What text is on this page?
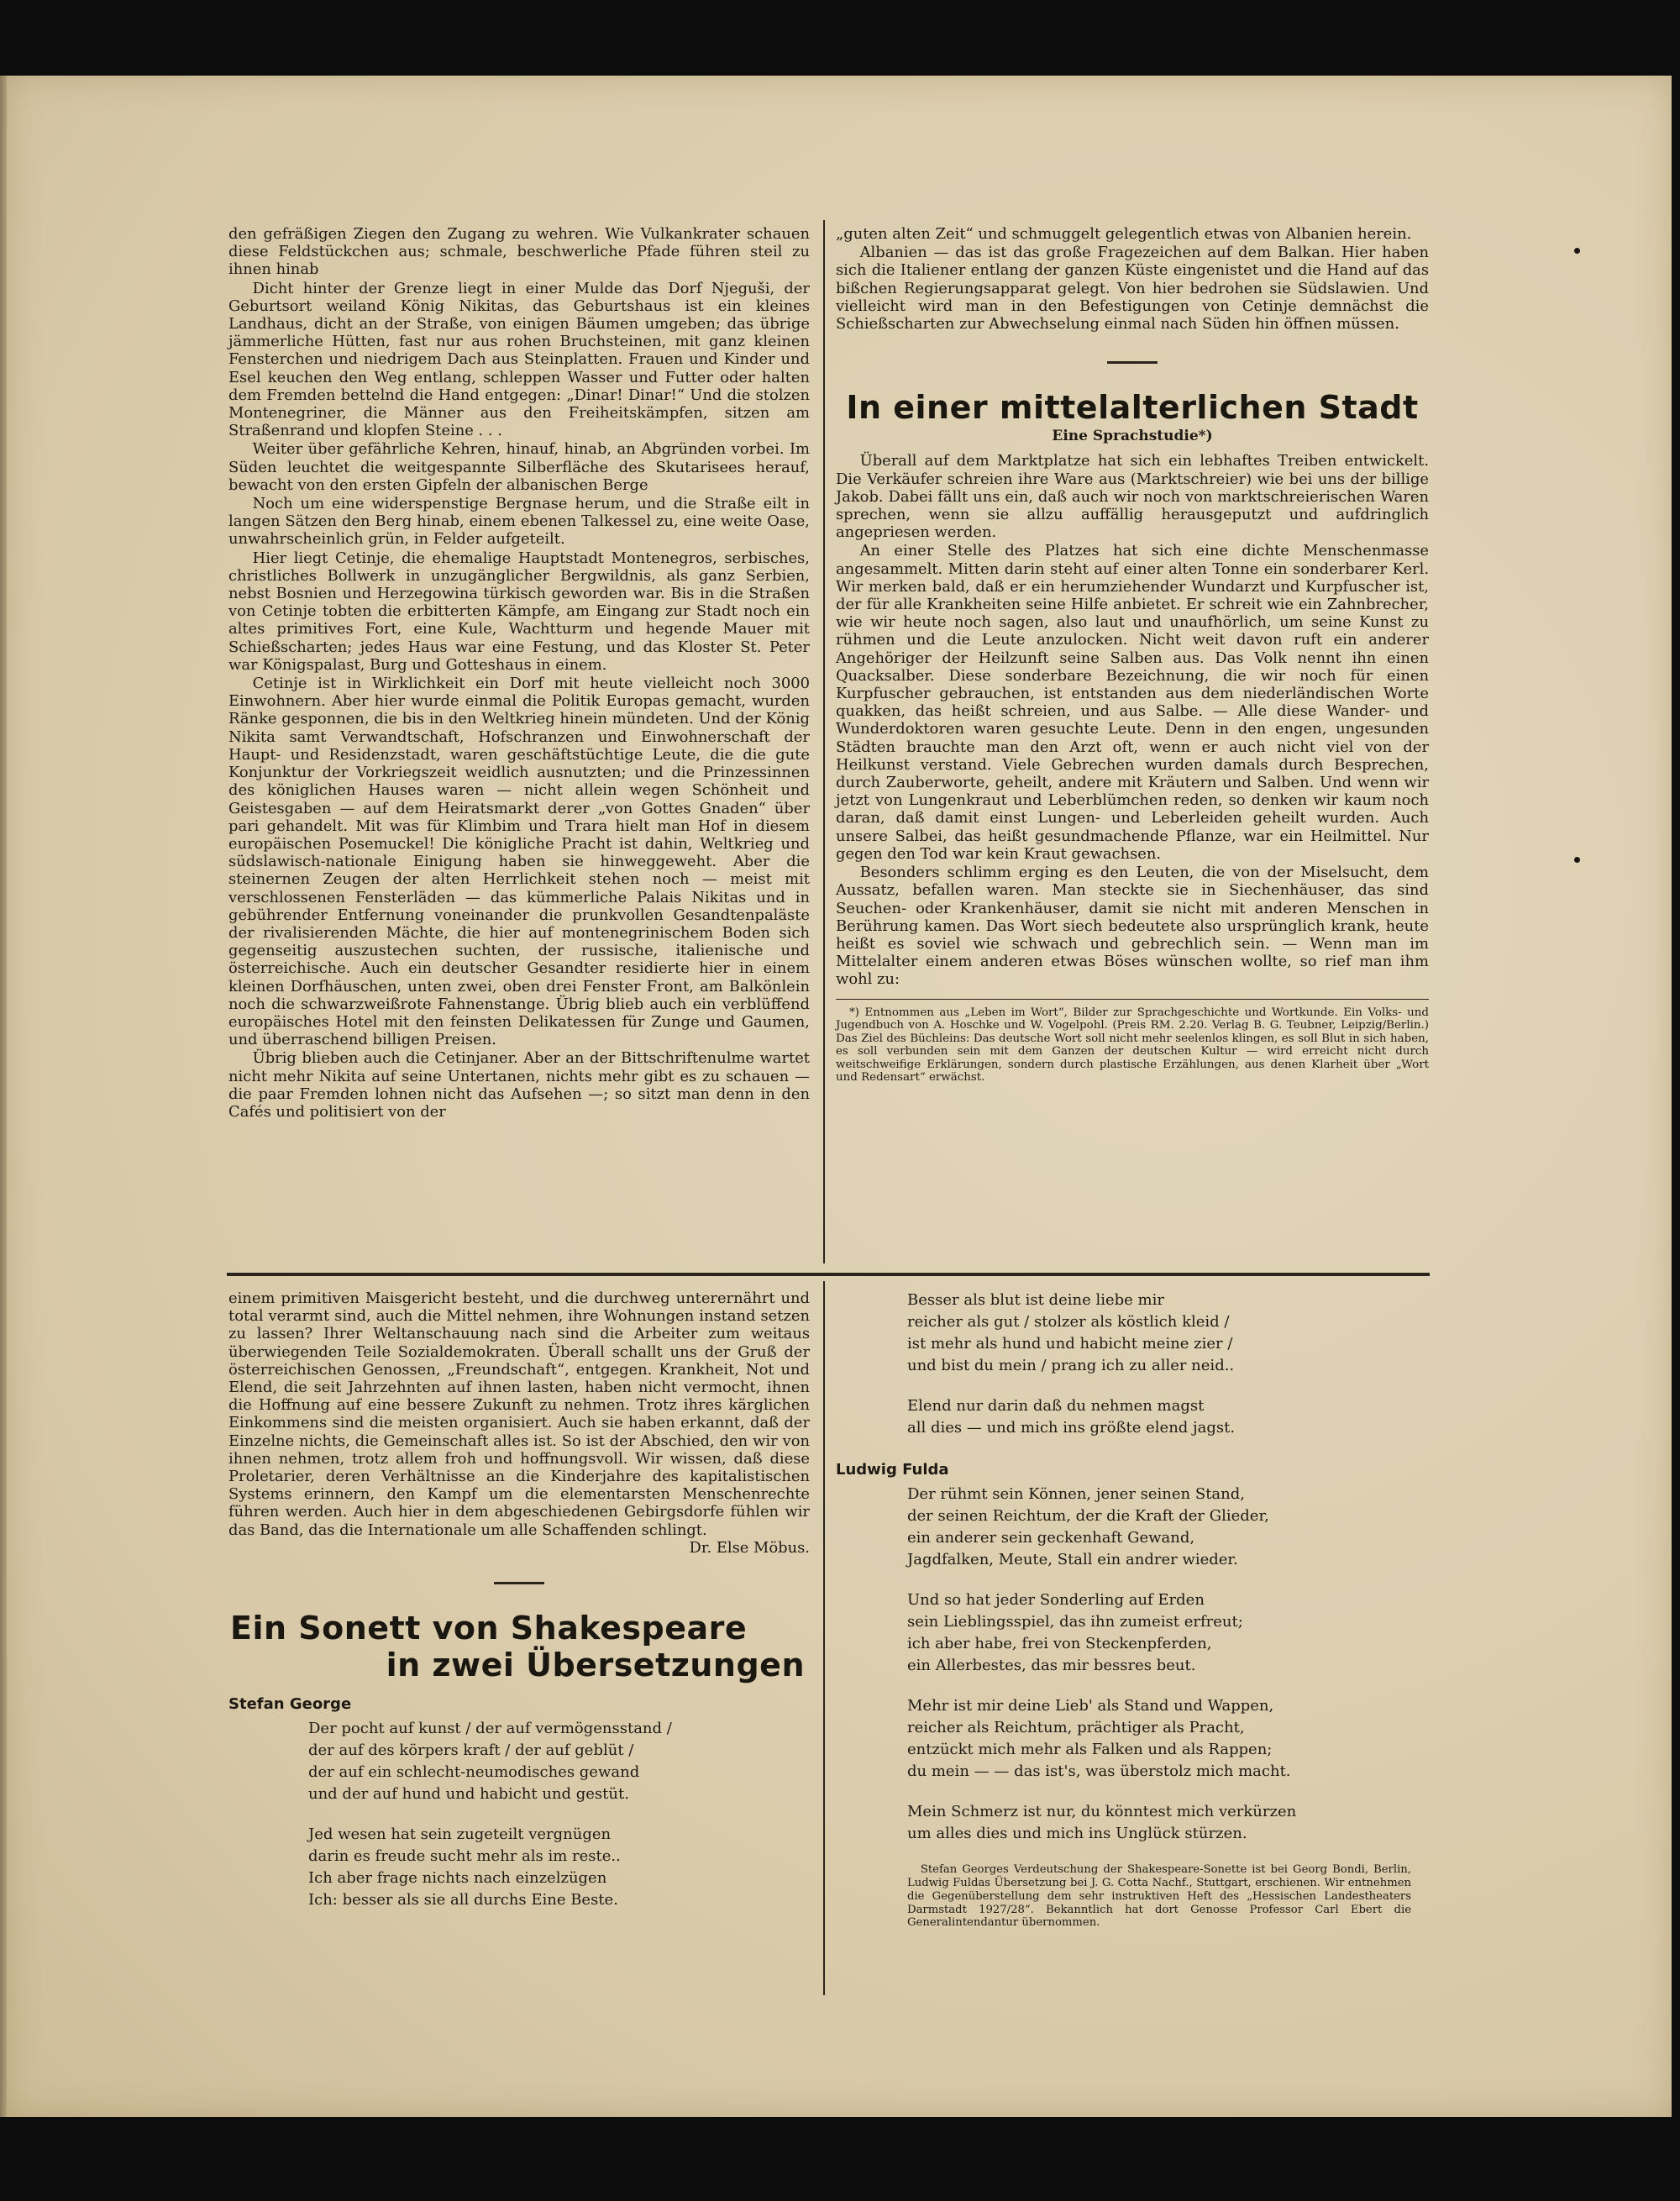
den gefräßigen Ziegen den Zugang zu wehren. Wie Vulkankrater schauen diese Feldstückchen aus; schmale, beschwerliche Pfade führen steil zu ihnen hinab

Dicht hinter der Grenze liegt in einer Mulde das Dorf Njeguši, der Geburtsort weiland König Nikitas, das Geburtshaus ist ein kleines Landhaus, dicht an der Straße, von einigen Bäumen umgeben; das übrige jämmerliche Hütten, fast nur aus rohen Bruchsteinen, mit ganz kleinen Fensterchen und niedrigem Dach aus Steinplatten. Frauen und Kinder und Esel keuchen den Weg entlang, schleppen Wasser und Futter oder halten dem Fremden bettelnd die Hand entgegen: „Dinar! Dinar!“ Und die stolzen Montenegriner, die Männer aus den Freiheitskämpfen, sitzen am Straßenrand und klopfen Steine . . .

Weiter über gefährliche Kehren, hinauf, hinab, an Abgründen vorbei. Im Süden leuchtet die weitgespannte Silberfläche des Skutarisees herauf, bewacht von den ersten Gipfeln der albanischen Berge

Noch um eine widerspenstige Bergnase herum, und die Straße eilt in langen Sätzen den Berg hinab, einem ebenen Talkessel zu, eine weite Oase, unwahrscheinlich grün, in Felder aufgeteilt.

Hier liegt Cetinje, die ehemalige Hauptstadt Montenegros, serbisches, christliches Bollwerk in unzugänglicher Bergwildnis, als ganz Serbien, nebst Bosnien und Herzegowina türkisch geworden war. Bis in die Straßen von Cetinje tobten die erbitterten Kämpfe, am Eingang zur Stadt noch ein altes primitives Fort, eine Kule, Wachtturm und hegende Mauer mit Schießscharten; jedes Haus war eine Festung, und das Kloster St. Peter war Königspalast, Burg und Gotteshaus in einem.

Cetinje ist in Wirklichkeit ein Dorf mit heute vielleicht noch 3000 Einwohnern. Aber hier wurde einmal die Politik Europas gemacht, wurden Ränke gesponnen, die bis in den Weltkrieg hinein mündeten. Und der König Nikita samt Verwandtschaft, Hofschranzen und Einwohnerschaft der Haupt- und Residenzstadt, waren geschäftstüchtige Leute, die die gute Konjunktur der Vorkriegszeit weidlich ausnutzten; und die Prinzessinnen des königlichen Hauses waren — nicht allein wegen Schönheit und Geistesgaben — auf dem Heiratsmarkt derer „von Gottes Gnaden“ über pari gehandelt. Mit was für Klimbim und Trara hielt man Hof in diesem europäischen Posemuckel! Die königliche Pracht ist dahin, Weltkrieg und südslawisch-nationale Einigung haben sie hinweggeweht. Aber die steinernen Zeugen der alten Herrlichkeit stehen noch — meist mit verschlossenen Fensterläden — das kümmerliche Palais Nikitas und in gebührender Entfernung voneinander die prunkvollen Gesandtenpaläste der rivalisierenden Mächte, die hier auf montenegrinischem Boden sich gegenseitig auszustechen suchten, der russische, italienische und österreichische. Auch ein deutscher Gesandter residierte hier in einem kleinen Dorfhäuschen, unten zwei, oben drei Fenster Front, am Balkönlein noch die schwarzweißrote Fahnenstange. Übrig blieb auch ein verblüffend europäisches Hotel mit den feinsten Delikatessen für Zunge und Gaumen, und überraschend billigen Preisen.

Übrig blieben auch die Cetinjaner. Aber an der Bittschriftenulme wartet nicht mehr Nikita auf seine Untertanen, nichts mehr gibt es zu schauen — die paar Fremden lohnen nicht das Aufsehen —; so sitzt man denn in den Cafés und politisiert von der

„guten alten Zeit“ und schmuggelt gelegentlich etwas von Albanien herein.

Albanien — das ist das große Fragezeichen auf dem Balkan. Hier haben sich die Italiener entlang der ganzen Küste eingenistet und die Hand auf das bißchen Regierungsapparat gelegt. Von hier bedrohen sie Südslawien. Und vielleicht wird man in den Befestigungen von Cetinje demnächst die Schießscharten zur Abwechselung einmal nach Süden hin öffnen müssen.

In einer mittelalterlichen Stadt
Eine Sprachstudie*)

Überall auf dem Marktplatze hat sich ein lebhaftes Treiben entwickelt. Die Verkäufer schreien ihre Ware aus (Marktschreier) wie bei uns der billige Jakob. Dabei fällt uns ein, daß auch wir noch von marktschreierischen Waren sprechen, wenn sie allzu auffällig herausgeputzt und aufdringlich angepriesen werden.

An einer Stelle des Platzes hat sich eine dichte Menschenmasse angesammelt. Mitten darin steht auf einer alten Tonne ein sonderbarer Kerl. Wir merken bald, daß er ein herumziehender Wundarzt und Kurpfuscher ist, der für alle Krankheiten seine Hilfe anbietet. Er schreit wie ein Zahnbrecher, wie wir heute noch sagen, also laut und unaufhörlich, um seine Kunst zu rühmen und die Leute anzulocken. Nicht weit davon ruft ein anderer Angehöriger der Heilzunft seine Salben aus. Das Volk nennt ihn einen Quacksalber. Diese sonderbare Bezeichnung, die wir noch für einen Kurpfuscher gebrauchen, ist entstanden aus dem niederländischen Worte quakken, das heißt schreien, und aus Salbe. — Alle diese Wander- und Wunderdoktoren waren gesuchte Leute. Denn in den engen, ungesunden Städten brauchte man den Arzt oft, wenn er auch nicht viel von der Heilkunst verstand. Viele Gebrechen wurden damals durch Besprechen, durch Zauberworte, geheilt, andere mit Kräutern und Salben. Und wenn wir jetzt von Lungenkraut und Leberblümchen reden, so denken wir kaum noch daran, daß damit einst Lungen- und Leberleiden geheilt wurden. Auch unsere Salbei, das heißt gesundmachende Pflanze, war ein Heilmittel. Nur gegen den Tod war kein Kraut gewachsen.

Besonders schlimm erging es den Leuten, die von der Miselsucht, dem Aussatz, befallen waren. Man steckte sie in Siechenhäuser, das sind Seuchen- oder Krankenhäuser, damit sie nicht mit anderen Menschen in Berührung kamen. Das Wort siech bedeutete also ursprünglich krank, heute heißt es soviel wie schwach und gebrechlich sein. — Wenn man im Mittelalter einem anderen etwas Böses wünschen wollte, so rief man ihm wohl zu:

*) Entnommen aus „Leben im Wort“, Bilder zur Sprachgeschichte und Wortkunde. Ein Volks- und Jugendbuch von A. Hoschke und W. Vogelpohl. (Preis RM. 2.20. Verlag B. G. Teubner, Leipzig/Berlin.) Das Ziel des Büchleins: Das deutsche Wort soll nicht mehr seelenlos klingen, es soll Blut in sich haben, es soll verbunden sein mit dem Ganzen der deutschen Kultur — wird erreicht nicht durch weitschweifige Erklärungen, sondern durch plastische Erzählungen, aus denen Klarheit über „Wort und Redensart“ erwächst.

einem primitiven Maisgericht besteht, und die durchweg unterernährt und total verarmt sind, auch die Mittel nehmen, ihre Wohnungen instand setzen zu lassen? Ihrer Weltanschauung nach sind die Arbeiter zum weitaus überwiegenden Teile Sozialdemokraten. Überall schallt uns der Gruß der österreichischen Genossen, „Freundschaft“, entgegen. Krankheit, Not und Elend, die seit Jahrzehnten auf ihnen lasten, haben nicht vermocht, ihnen die Hoffnung auf eine bessere Zukunft zu nehmen. Trotz ihres kärglichen Einkommens sind die meisten organisiert. Auch sie haben erkannt, daß der Einzelne nichts, die Gemeinschaft alles ist. So ist der Abschied, den wir von ihnen nehmen, trotz allem froh und hoffnungsvoll. Wir wissen, daß diese Proletarier, deren Verhältnisse an die Kinderjahre des kapitalistischen Systems erinnern, den Kampf um die elementarsten Menschenrechte führen werden. Auch hier in dem abgeschiedenen Gebirgsdorfe fühlen wir das Band, das die Internationale um alle Schaffenden schlingt.

Dr. Else Möbus.
Ein Sonett von Shakespeare
in zwei Übersetzungen
Stefan George
Der pocht auf kunst / der auf vermögensstand /
der auf des körpers kraft / der auf geblüt /
der auf ein schlecht-neumodisches gewand
und der auf hund und habicht und gestüt.
Jed wesen hat sein zugeteilt vergnügen
darin es freude sucht mehr als im reste..
Ich aber frage nichts nach einzelzügen
Ich: besser als sie all durchs Eine Beste.
Besser als blut ist deine liebe mir
reicher als gut / stolzer als köstlich kleid /
ist mehr als hund und habicht meine zier /
und bist du mein / prang ich zu aller neid..
Elend nur darin daß du nehmen magst
all dies — und mich ins größte elend jagst.
Ludwig Fulda
Der rühmt sein Können, jener seinen Stand,
der seinen Reichtum, der die Kraft der Glieder,
ein anderer sein geckenhaft Gewand,
Jagdfalken, Meute, Stall ein andrer wieder.
Und so hat jeder Sonderling auf Erden
sein Lieblingsspiel, das ihn zumeist erfreut;
ich aber habe, frei von Steckenpferden,
ein Allerbestes, das mir bessres beut.
Mehr ist mir deine Lieb' als Stand und Wappen,
reicher als Reichtum, prächtiger als Pracht,
entzückt mich mehr als Falken und als Rappen;
du mein — — das ist's, was überstolz mich macht.
Mein Schmerz ist nur, du könntest mich verkürzen
um alles dies und mich ins Unglück stürzen.

Stefan Georges Verdeutschung der Shakespeare-Sonette ist bei Georg Bondi, Berlin, Ludwig Fuldas Übersetzung bei J. G. Cotta Nachf., Stuttgart, erschienen. Wir entnehmen die Gegenüberstellung dem sehr instruktiven Heft des „Hessischen Landestheaters Darmstadt 1927/28“. Bekanntlich hat dort Genosse Professor Carl Ebert die Generalintendantur übernommen.
